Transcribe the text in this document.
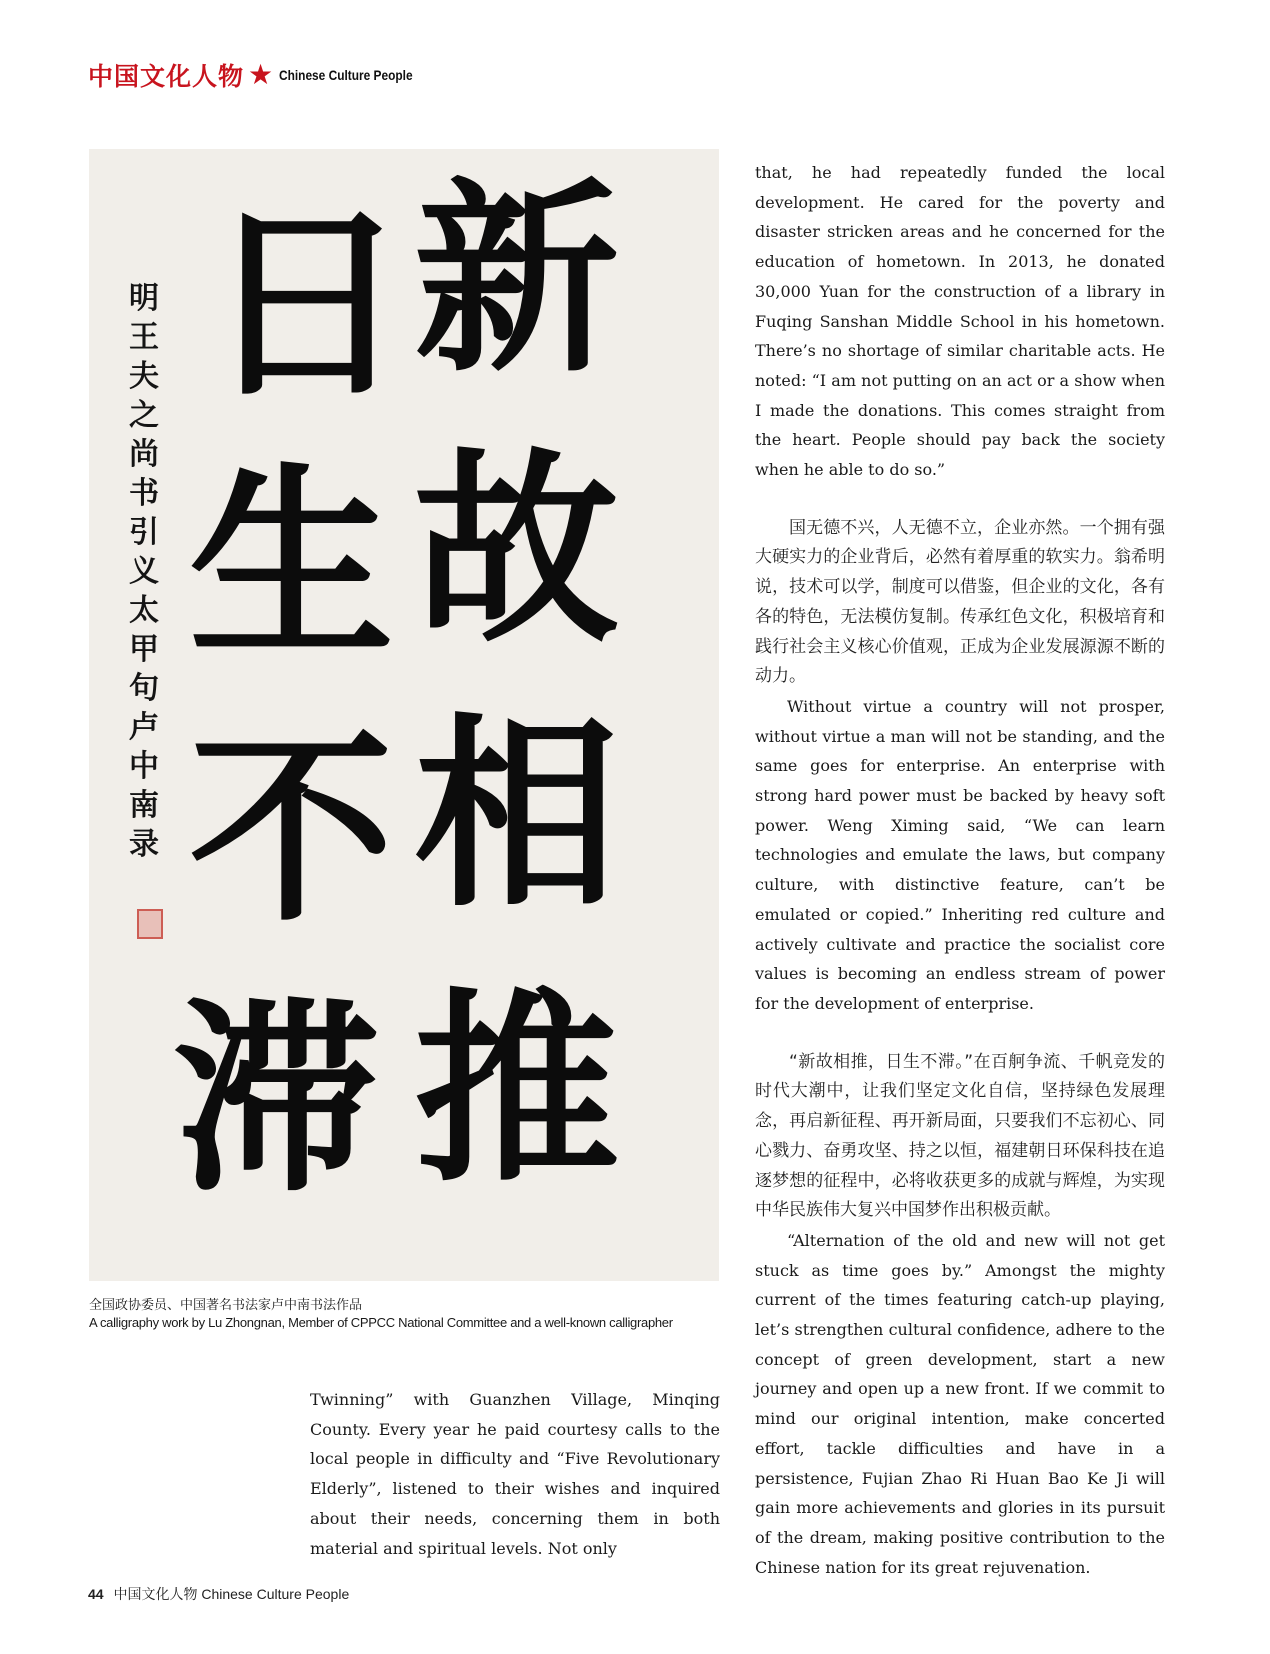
中国文化人物 ★ Chinese Culture People
新
故
相
推
日
生
不
滞
明王夫之尚书引义太甲句 卢中南录
全国政协委员、中国著名书法家卢中南书法作品
A calligraphy work by Lu Zhongnan, Member of CPPCC National Committee and a well-known calligrapher

Twinning” with Guanzhen Village, Minqing County. Every year he paid courtesy calls to the local people in difficulty and “Five Revolutionary Elderly”, listened to their wishes and inquired about their needs, concerning them in both material and spiritual levels. Not only

that, he had repeatedly funded the local development. He cared for the poverty and disaster stricken areas and he concerned for the education of hometown. In 2013, he donated 30,000 Yuan for the construction of a library in Fuqing Sanshan Middle School in his hometown. There’s no shortage of similar charitable acts. He noted: “I am not putting on an act or a show when I made the donations. This comes straight from the heart. People should pay back the society when he able to do so.”

国无德不兴，人无德不立，企业亦然。一个拥有强大硬实力的企业背后，必然有着厚重的软实力。翁希明说，技术可以学，制度可以借鉴，但企业的文化，各有各的特色，无法模仿复制。传承红色文化，积极培育和践行社会主义核心价值观，正成为企业发展源源不断的动力。

Without virtue a country will not prosper, without virtue a man will not be standing, and the same goes for enterprise. An enterprise with strong hard power must be backed by heavy soft power. Weng Ximing said, “We can learn technologies and emulate the laws, but company culture, with distinctive feature, can’t be emulated or copied.” Inheriting red culture and actively cultivate and practice the socialist core values is becoming an endless stream of power for the development of enterprise.

“新故相推，日生不滞。”在百舸争流、千帆竞发的时代大潮中，让我们坚定文化自信，坚持绿色发展理念，再启新征程、再开新局面，只要我们不忘初心、同心戮力、奋勇攻坚、持之以恒，福建朝日环保科技在追逐梦想的征程中，必将收获更多的成就与辉煌，为实现中华民族伟大复兴中国梦作出积极贡献。

“Alternation of the old and new will not get stuck as time goes by.” Amongst the mighty current of the times featuring catch-up playing, let’s strengthen cultural confidence, adhere to the concept of green development, start a new journey and open up a new front. If we commit to mind our original intention, make concerted effort, tackle difficulties and have in a persistence, Fujian Zhao Ri Huan Bao Ke Ji will gain more achievements and glories in its pursuit of the dream, making positive contribution to the Chinese nation for its great rejuvenation.

44 中国文化人物 Chinese Culture People
